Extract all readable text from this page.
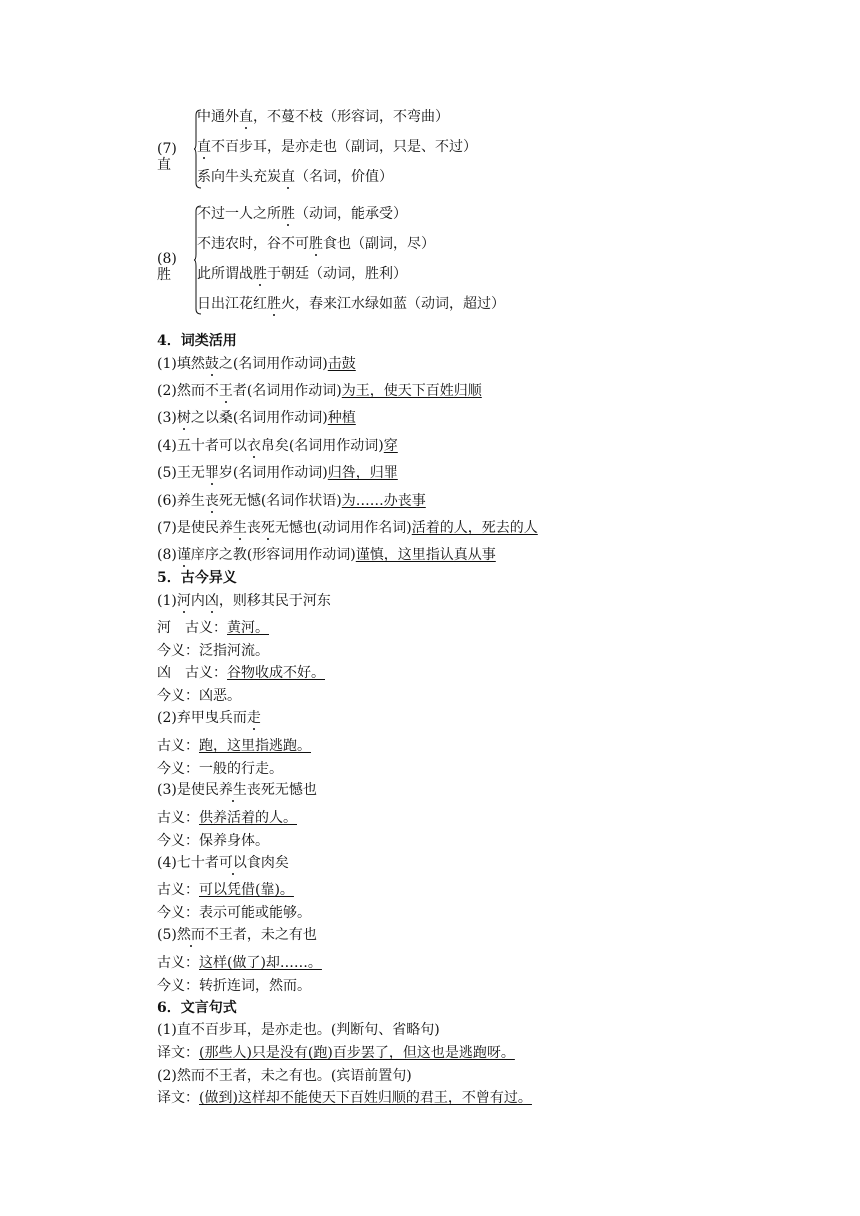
(7)直
中通外直，不蔓不枝（形容词，不弯曲）
直不百步耳，是亦走也（副词，只是、不过）
系向牛头充炭直（名词，价值）
(8)胜
不过一人之所胜（动词，能承受）
不违农时，谷不可胜食也（副词，尽）
此所谓战胜于朝廷（动词，胜利）
日出江花红胜火，春来江水绿如蓝（动词，超过）
4．词类活用
(1)填然鼓之(名词用作动词)击鼓
(2)然而不王者(名词用作动词)为王，使天下百姓归顺
(3)树之以桑(名词用作动词)种植
(4)五十者可以衣帛矣(名词用作动词)穿
(5)王无罪岁(名词用作动词)归咎，归罪
(6)养生丧死无憾(名词作状语)为……办丧事
(7)是使民养生丧死无憾也(动词用作名词)活着的人，死去的人
(8)谨庠序之教(形容词用作动词)谨慎，这里指认真从事
5．古今异义
(1)河内凶，则移其民于河东
河　古义：黄河。
今义：泛指河流。
凶　古义：谷物收成不好。
今义：凶恶。
(2)弃甲曳兵而走
古义：跑，这里指逃跑。
今义：一般的行走。
(3)是使民养生丧死无憾也
古义：供养活着的人。
今义：保养身体。
(4)七十者可以食肉矣
古义：可以凭借(靠)。
今义：表示可能或能够。
(5)然而不王者，未之有也
古义：这样(做了)却……。
今义：转折连词，然而。
6．文言句式
(1)直不百步耳，是亦走也。(判断句、省略句)
译文：(那些人)只是没有(跑)百步罢了，但这也是逃跑呀。
(2)然而不王者，未之有也。(宾语前置句)
译文：(做到)这样却不能使天下百姓归顺的君王，不曾有过。
